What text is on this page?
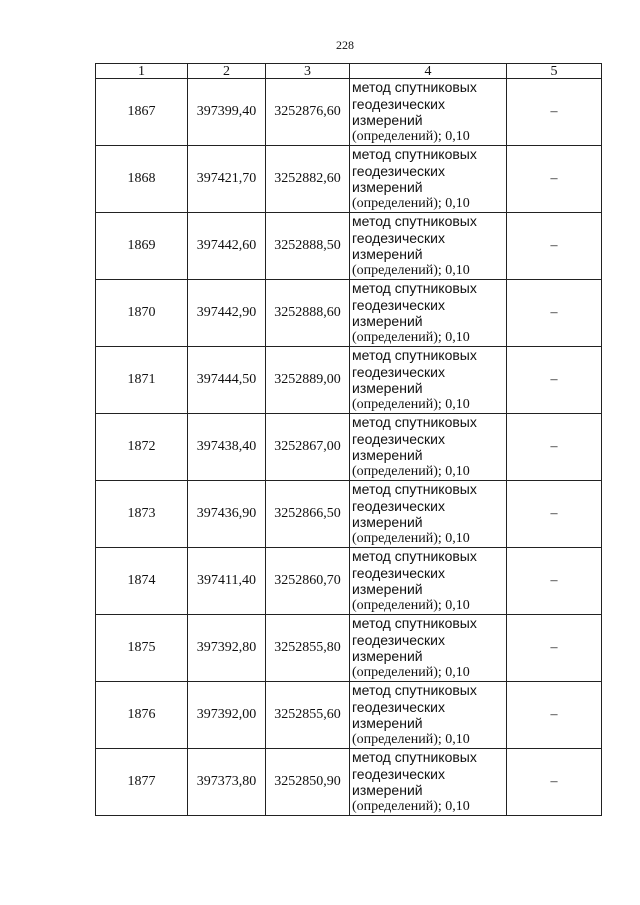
228
1	2	3	4	5
1867	397399,40	3252876,60	метод спутниковых
геодезических
измерений
(определений); 0,10	–
1868	397421,70	3252882,60	метод спутниковых
геодезических
измерений
(определений); 0,10	–
1869	397442,60	3252888,50	метод спутниковых
геодезических
измерений
(определений); 0,10	–
1870	397442,90	3252888,60	метод спутниковых
геодезических
измерений
(определений); 0,10	–
1871	397444,50	3252889,00	метод спутниковых
геодезических
измерений
(определений); 0,10	–
1872	397438,40	3252867,00	метод спутниковых
геодезических
измерений
(определений); 0,10	–
1873	397436,90	3252866,50	метод спутниковых
геодезических
измерений
(определений); 0,10	–
1874	397411,40	3252860,70	метод спутниковых
геодезических
измерений
(определений); 0,10	–
1875	397392,80	3252855,80	метод спутниковых
геодезических
измерений
(определений); 0,10	–
1876	397392,00	3252855,60	метод спутниковых
геодезических
измерений
(определений); 0,10	–
1877	397373,80	3252850,90	метод спутниковых
геодезических
измерений
(определений); 0,10	–
